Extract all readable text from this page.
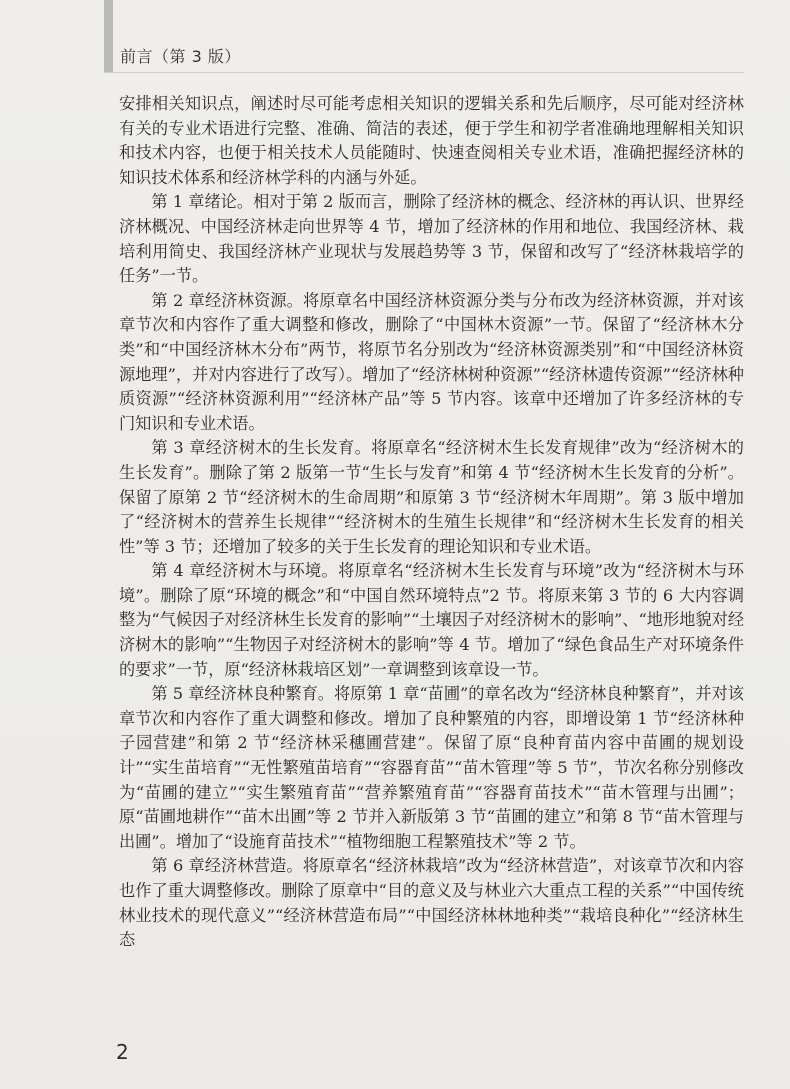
前言（第 3 版）

安排相关知识点，阐述时尽可能考虑相关知识的逻辑关系和先后顺序，尽可能对经济林有关的专业术语进行完整、准确、简洁的表述，便于学生和初学者准确地理解相关知识和技术内容，也便于相关技术人员能随时、快速查阅相关专业术语，准确把握经济林的知识技术体系和经济林学科的内涵与外延。

第 1 章绪论。相对于第 2 版而言，删除了经济林的概念、经济林的再认识、世界经济林概况、中国经济林走向世界等 4 节，增加了经济林的作用和地位、我国经济林、栽培利用简史、我国经济林产业现状与发展趋势等 3 节，保留和改写了“经济林栽培学的任务”一节。

第 2 章经济林资源。将原章名中国经济林资源分类与分布改为经济林资源，并对该章节次和内容作了重大调整和修改，删除了“中国林木资源”一节。保留了“经济林木分类”和“中国经济林木分布”两节，将原节名分别改为“经济林资源类别”和“中国经济林资源地理”，并对内容进行了改写）。增加了“经济林树种资源”“经济林遗传资源”“经济林种质资源”“经济林资源利用”“经济林产品”等 5 节内容。该章中还增加了许多经济林的专门知识和专业术语。

第 3 章经济树木的生长发育。将原章名“经济树木生长发育规律”改为“经济树木的生长发育”。删除了第 2 版第一节“生长与发育”和第 4 节“经济树木生长发育的分析”。保留了原第 2 节“经济树木的生命周期”和原第 3 节“经济树木年周期”。第 3 版中增加了“经济树木的营养生长规律”“经济树木的生殖生长规律”和“经济树木生长发育的相关性”等 3 节；还增加了较多的关于生长发育的理论知识和专业术语。

第 4 章经济树木与环境。将原章名“经济树木生长发育与环境”改为“经济树木与环境”。删除了原“环境的概念”和“中国自然环境特点”2 节。将原来第 3 节的 6 大内容调整为“气候因子对经济林生长发育的影响”“土壤因子对经济树木的影响”、“地形地貌对经济树木的影响”“生物因子对经济树木的影响”等 4 节。增加了“绿色食品生产对环境条件的要求”一节，原“经济林栽培区划”一章调整到该章设一节。

第 5 章经济林良种繁育。将原第 1 章“苗圃”的章名改为“经济林良种繁育”，并对该章节次和内容作了重大调整和修改。增加了良种繁殖的内容，即增设第 1 节“经济林种子园营建”和第 2 节“经济林采穗圃营建”。保留了原“良种育苗内容中苗圃的规划设计”“实生苗培育”“无性繁殖苗培育”“容器育苗”“苗木管理”等 5 节”，节次名称分别修改为“苗圃的建立”“实生繁殖育苗”“营养繁殖育苗”“容器育苗技术”“苗木管理与出圃”；原“苗圃地耕作”“苗木出圃”等 2 节并入新版第 3 节“苗圃的建立”和第 8 节“苗木管理与出圃”。增加了“设施育苗技术”“植物细胞工程繁殖技术”等 2 节。

第 6 章经济林营造。将原章名“经济林栽培”改为“经济林营造”，对该章节次和内容也作了重大调整修改。删除了原章中“目的意义及与林业六大重点工程的关系”“中国传统林业技术的现代意义”“经济林营造布局”“中国经济林林地种类”“栽培良种化”“经济林生态

2
